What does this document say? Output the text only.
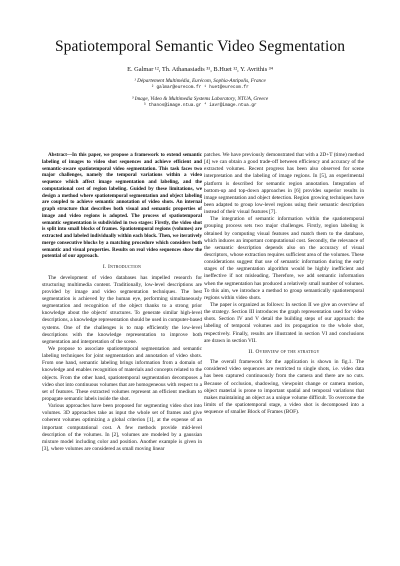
Spatiotemporal Semantic Video Segmentation
E. Galmar ¹², Th. Athanasiadis ³¹, B.Huet ¹², Y. Avrithis ³⁴
¹ Département Multimédia, Eurécom, Sophia-Antipolis, France
² galmar@eurecom.fr ¹ huet@eurecom.fr
³ Image, Video & Multimedia Systems Laboratory, NTUA, Greece
³ thanos@image.ntua.gr ⁴ iavr@image.ntua.gr

Abstract—In this paper, we propose a framework to extend semantic labeling of images to video shot sequences and achieve efficient and semantic-aware spatiotemporal video segmentation. This task faces two major challenges, namely the temporal variations within a video sequence which affect image segmentation and labeling, and the computational cost of region labeling. Guided by these limitations, we design a method where spatiotemporal segmentation and object labeling are coupled to achieve semantic annotation of video shots. An internal graph structure that describes both visual and semantic properties of image and video regions is adopted. The process of spatiotemporal semantic segmentation is subdivided in two stages: Firstly, the video shot is split into small blocks of frames. Spatiotemporal regions (volumes) are extracted and labeled individually within each block. Then, we iteratively merge consecutive blocks by a matching procedure which considers both semantic and visual properties. Results on real video sequences show the potential of our approach.

I. Introduction

The development of video databases has impelled research for structuring multimedia content. Traditionally, low-level descriptions are provided by image and video segmentation techniques. The best segmentation is achieved by the human eye, performing simultaneously segmentation and recognition of the object thanks to a strong prior knowledge about the objects' structures. To generate similar high-level descriptions, a knowledge representation should be used in computer-based systems. One of the challenges is to map efficiently the low-level descriptions with the knowledge representation to improve both segmentation and interpretation of the scene.

We propose to associate spatiotemporal segmentation and semantic labeling techniques for joint segmentation and annotation of video shots. From one hand, semantic labeling brings information from a domain of knowledge and enables recognition of materials and concepts related to the objects. From the other hand, spatiotemporal segmentation decomposes a video shot into continuous volumes that are homogeneous with respect to a set of features. These extracted volumes represent an efficient medium to propagate semantic labels inside the shot.

Various approaches have been proposed for segmenting video shot into volumes. 3D approaches take as input the whole set of frames and give coherent volumes optimizing a global criterion [1], at the expense of an important computational cost. A few methods provide mid-level description of the volumes. In [2], volumes are modeled by a gaussian mixture model including color and position. Another example is given in [3], where volumes are considered as small moving linear

patches. We have previously demonstrated that with a 2D+T (time) method [4] we can obtain a good trade-off between efficiency and accuracy of the extracted volumes. Recent progress has been also observed for scene interpretation and the labeling of image regions. In [5], an experimental platform is described for semantic region annotation. Integration of bottom-up and top-down approaches in [6] provides superior results in image segmentation and object detection. Region growing techniques have been adapted to group low-level regions using their semantic description instead of their visual features [7].

The integration of semantic information within the spatiotemporal grouping process sets two major challenges. Firstly, region labeling is obtained by computing visual features and match them to the database, which induces an important computational cost. Secondly, the relevance of the semantic description depends also on the accuracy of visual descriptors, whose extraction requires sufficient area of the volumes. These considerations suggest that use of semantic information during the early stages of the segmentation algorithm would be highly inefficient and ineffective if not misleading. Therefore, we add semantic information when the segmentation has produced a relatively small number of volumes. To this aim, we introduce a method to group semantically spatiotemporal regions within video shots.

The paper is organized as follows: In section II we give an overview of the strategy. Section III introduces the graph representation used for video shots. Section IV and V detail the building steps of our approach: the labeling of temporal volumes and its propagation to the whole shot, respectively. Finally, results are illustrated in section VI and conclusions are drawn in section VII.

II. Overview of the strategy

The overall framework for the application is shown in fig.1. The considered video sequences are restricted to single shots, i.e. video data has been captured continuously from the camera and there are no cuts. Because of occlusion, shadowing, viewpoint change or camera motion, object material is prone to important spatial and temporal variations that makes maintaining an object as a unique volume difficult. To overcome the limits of the spatiotemporal stage, a video shot is decomposed into a sequence of smaller Block of Frames (BOF).
